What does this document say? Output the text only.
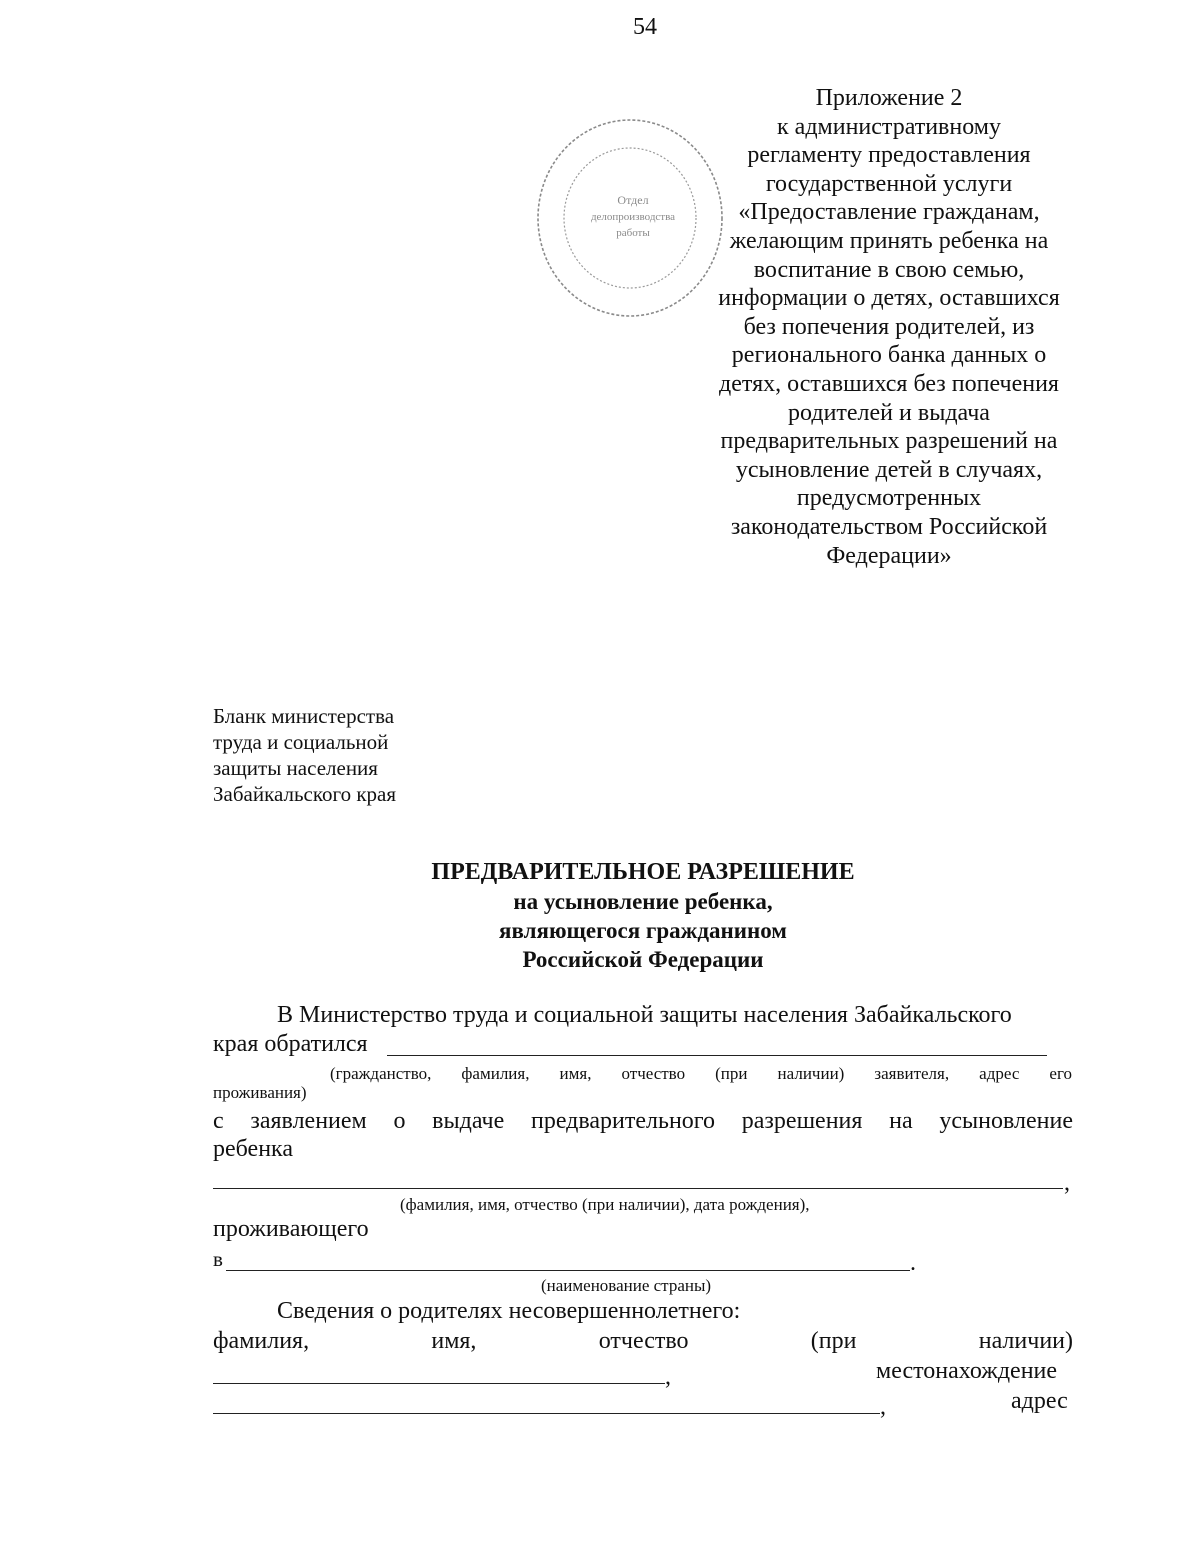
54
Отдел
делопроизводства
работы
Приложение 2
к административному
регламенту предоставления
государственной услуги
«Предоставление гражданам,
желающим принять ребенка на
воспитание в свою семью,
информации о детях, оставшихся
без попечения родителей, из
регионального банка данных о
детях, оставшихся без попечения
родителей и выдача
предварительных разрешений на
усыновление детей в случаях,
предусмотренных
законодательством Российской
Федерации»
Бланк министерства
труда и социальной
защиты населения
Забайкальского края
ПРЕДВАРИТЕЛЬНОЕ РАЗРЕШЕНИЕ
на усыновление ребенка,
являющегося гражданином
Российской Федерации
В Министерство труда и социальной защиты населения Забайкальского
края обратился
(гражданство, фамилия, имя, отчество (при наличии) заявителя, адрес его
проживания)
с заявлением о выдаче предварительного разрешения на усыновление
ребенка
,
(фамилия, имя, отчество (при наличии), дата рождения),
проживающего
в	.
(наименование страны)
Сведения о родителях несовершеннолетнего:
фамилия, имя, отчество (при наличии)
,	местонахождение
,	адрес
